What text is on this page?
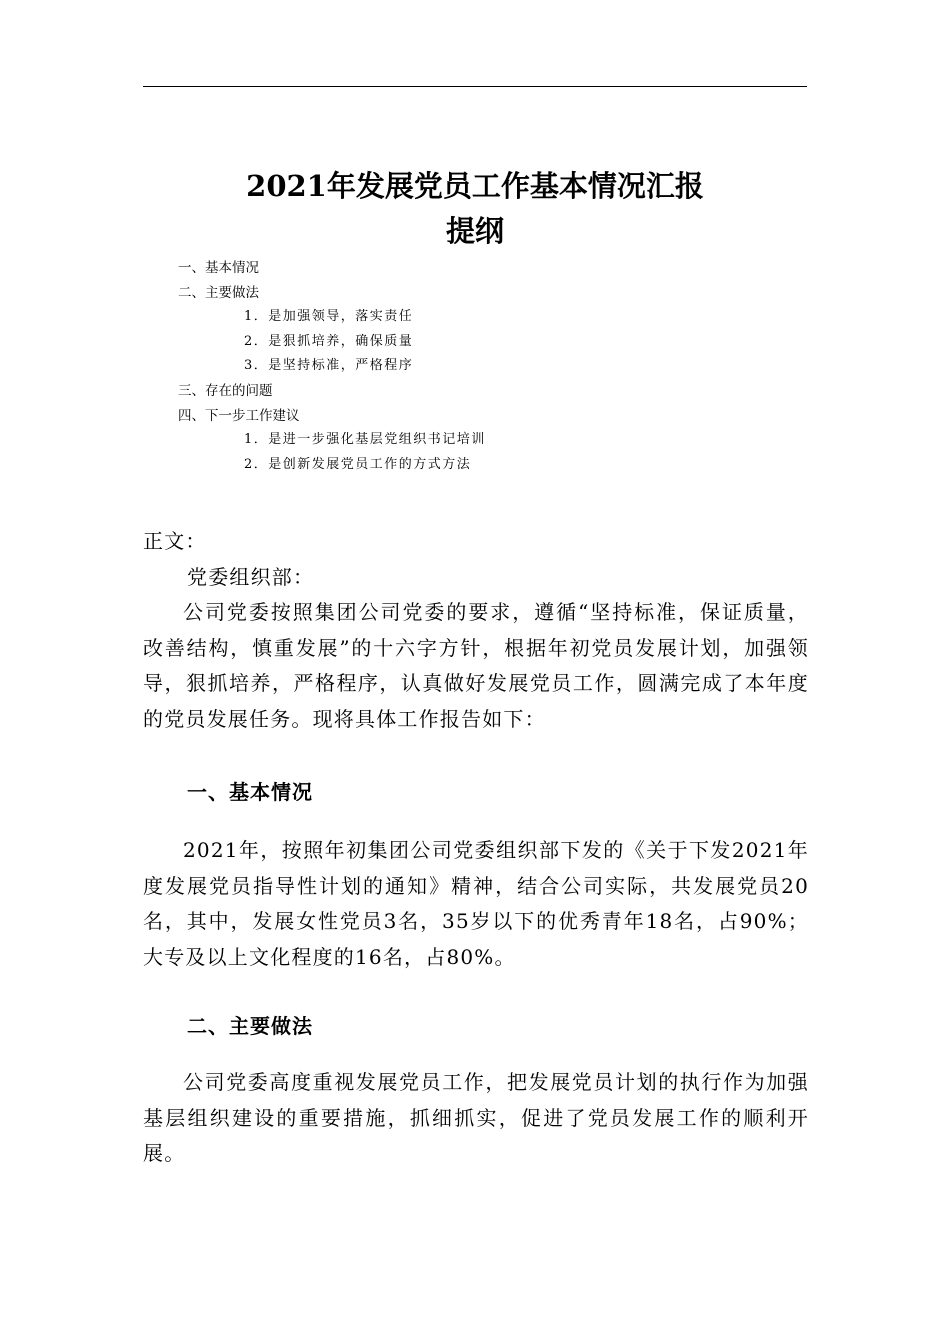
2021年发展党员工作基本情况汇报
提纲
一、基本情况
二、主要做法
1．是加强领导，落实责任
2．是狠抓培养，确保质量
3．是坚持标准，严格程序
三、存在的问题
四、下一步工作建议
1．是进一步强化基层党组织书记培训
2．是创新发展党员工作的方式方法

正文：

党委组织部：

公司党委按照集团公司党委的要求，遵循“坚持标准，保证质量，改善结构，慎重发展”的十六字方针，根据年初党员发展计划，加强领导，狠抓培养，严格程序，认真做好发展党员工作，圆满完成了本年度的党员发展任务。现将具体工作报告如下：

一、基本情况

2021年，按照年初集团公司党委组织部下发的《关于下发2021年度发展党员指导性计划的通知》精神，结合公司实际，共发展党员20名，其中，发展女性党员3名，35岁以下的优秀青年18名，占90%；大专及以上文化程度的16名，占80%。

二、主要做法

公司党委高度重视发展党员工作，把发展党员计划的执行作为加强基层组织建设的重要措施，抓细抓实，促进了党员发展工作的顺利开展。
